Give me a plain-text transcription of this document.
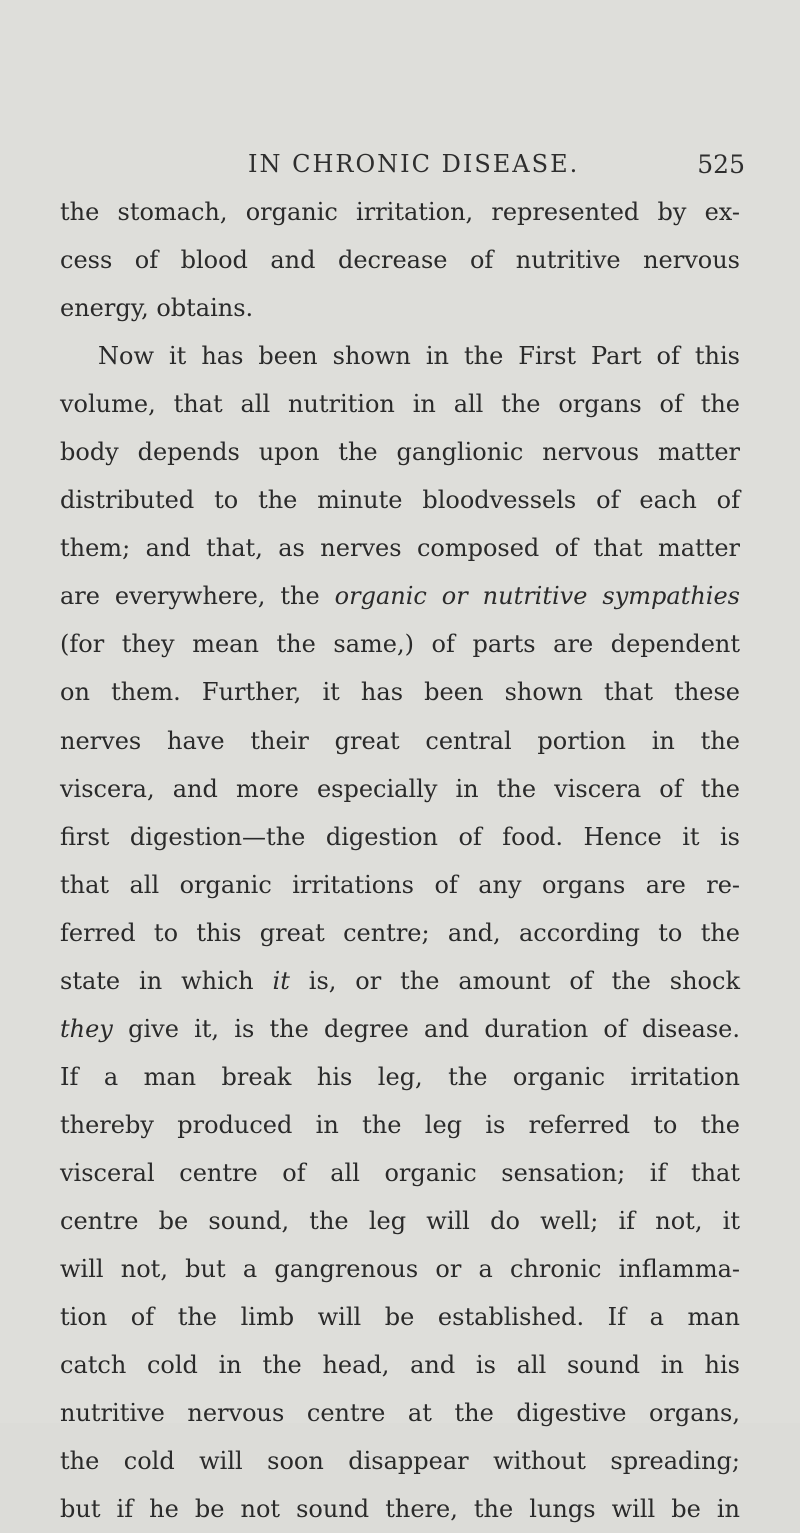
IN CHRONIC DISEASE.	525
the stomach, organic irritation, represented by ex-
cess of blood and decrease of nutritive nervous
energy, obtains.
Now it has been shown in the First Part of this
volume, that all nutrition in all the organs of the
body depends upon the ganglionic nervous matter
distributed to the minute bloodvessels of each of
them; and that, as nerves composed of that matter
are everywhere, the organic or nutritive sympathies
(for they mean the same,) of parts are dependent
on them. Further, it has been shown that these
nerves have their great central portion in the
viscera, and more especially in the viscera of the
first digestion—the digestion of food. Hence it is
that all organic irritations of any organs are re-
ferred to this great centre; and, according to the
state in which it is, or the amount of the shock
they give it, is the degree and duration of disease.
If a man break his leg, the organic irritation
thereby produced in the leg is referred to the
visceral centre of all organic sensation; if that
centre be sound, the leg will do well; if not, it
will not, but a gangrenous or a chronic inflamma-
tion of the limb will be established. If a man
catch cold in the head, and is all sound in his
nutritive nervous centre at the digestive organs,
the cold will soon disappear without spreading;
but if he be not sound there, the lungs will be in
